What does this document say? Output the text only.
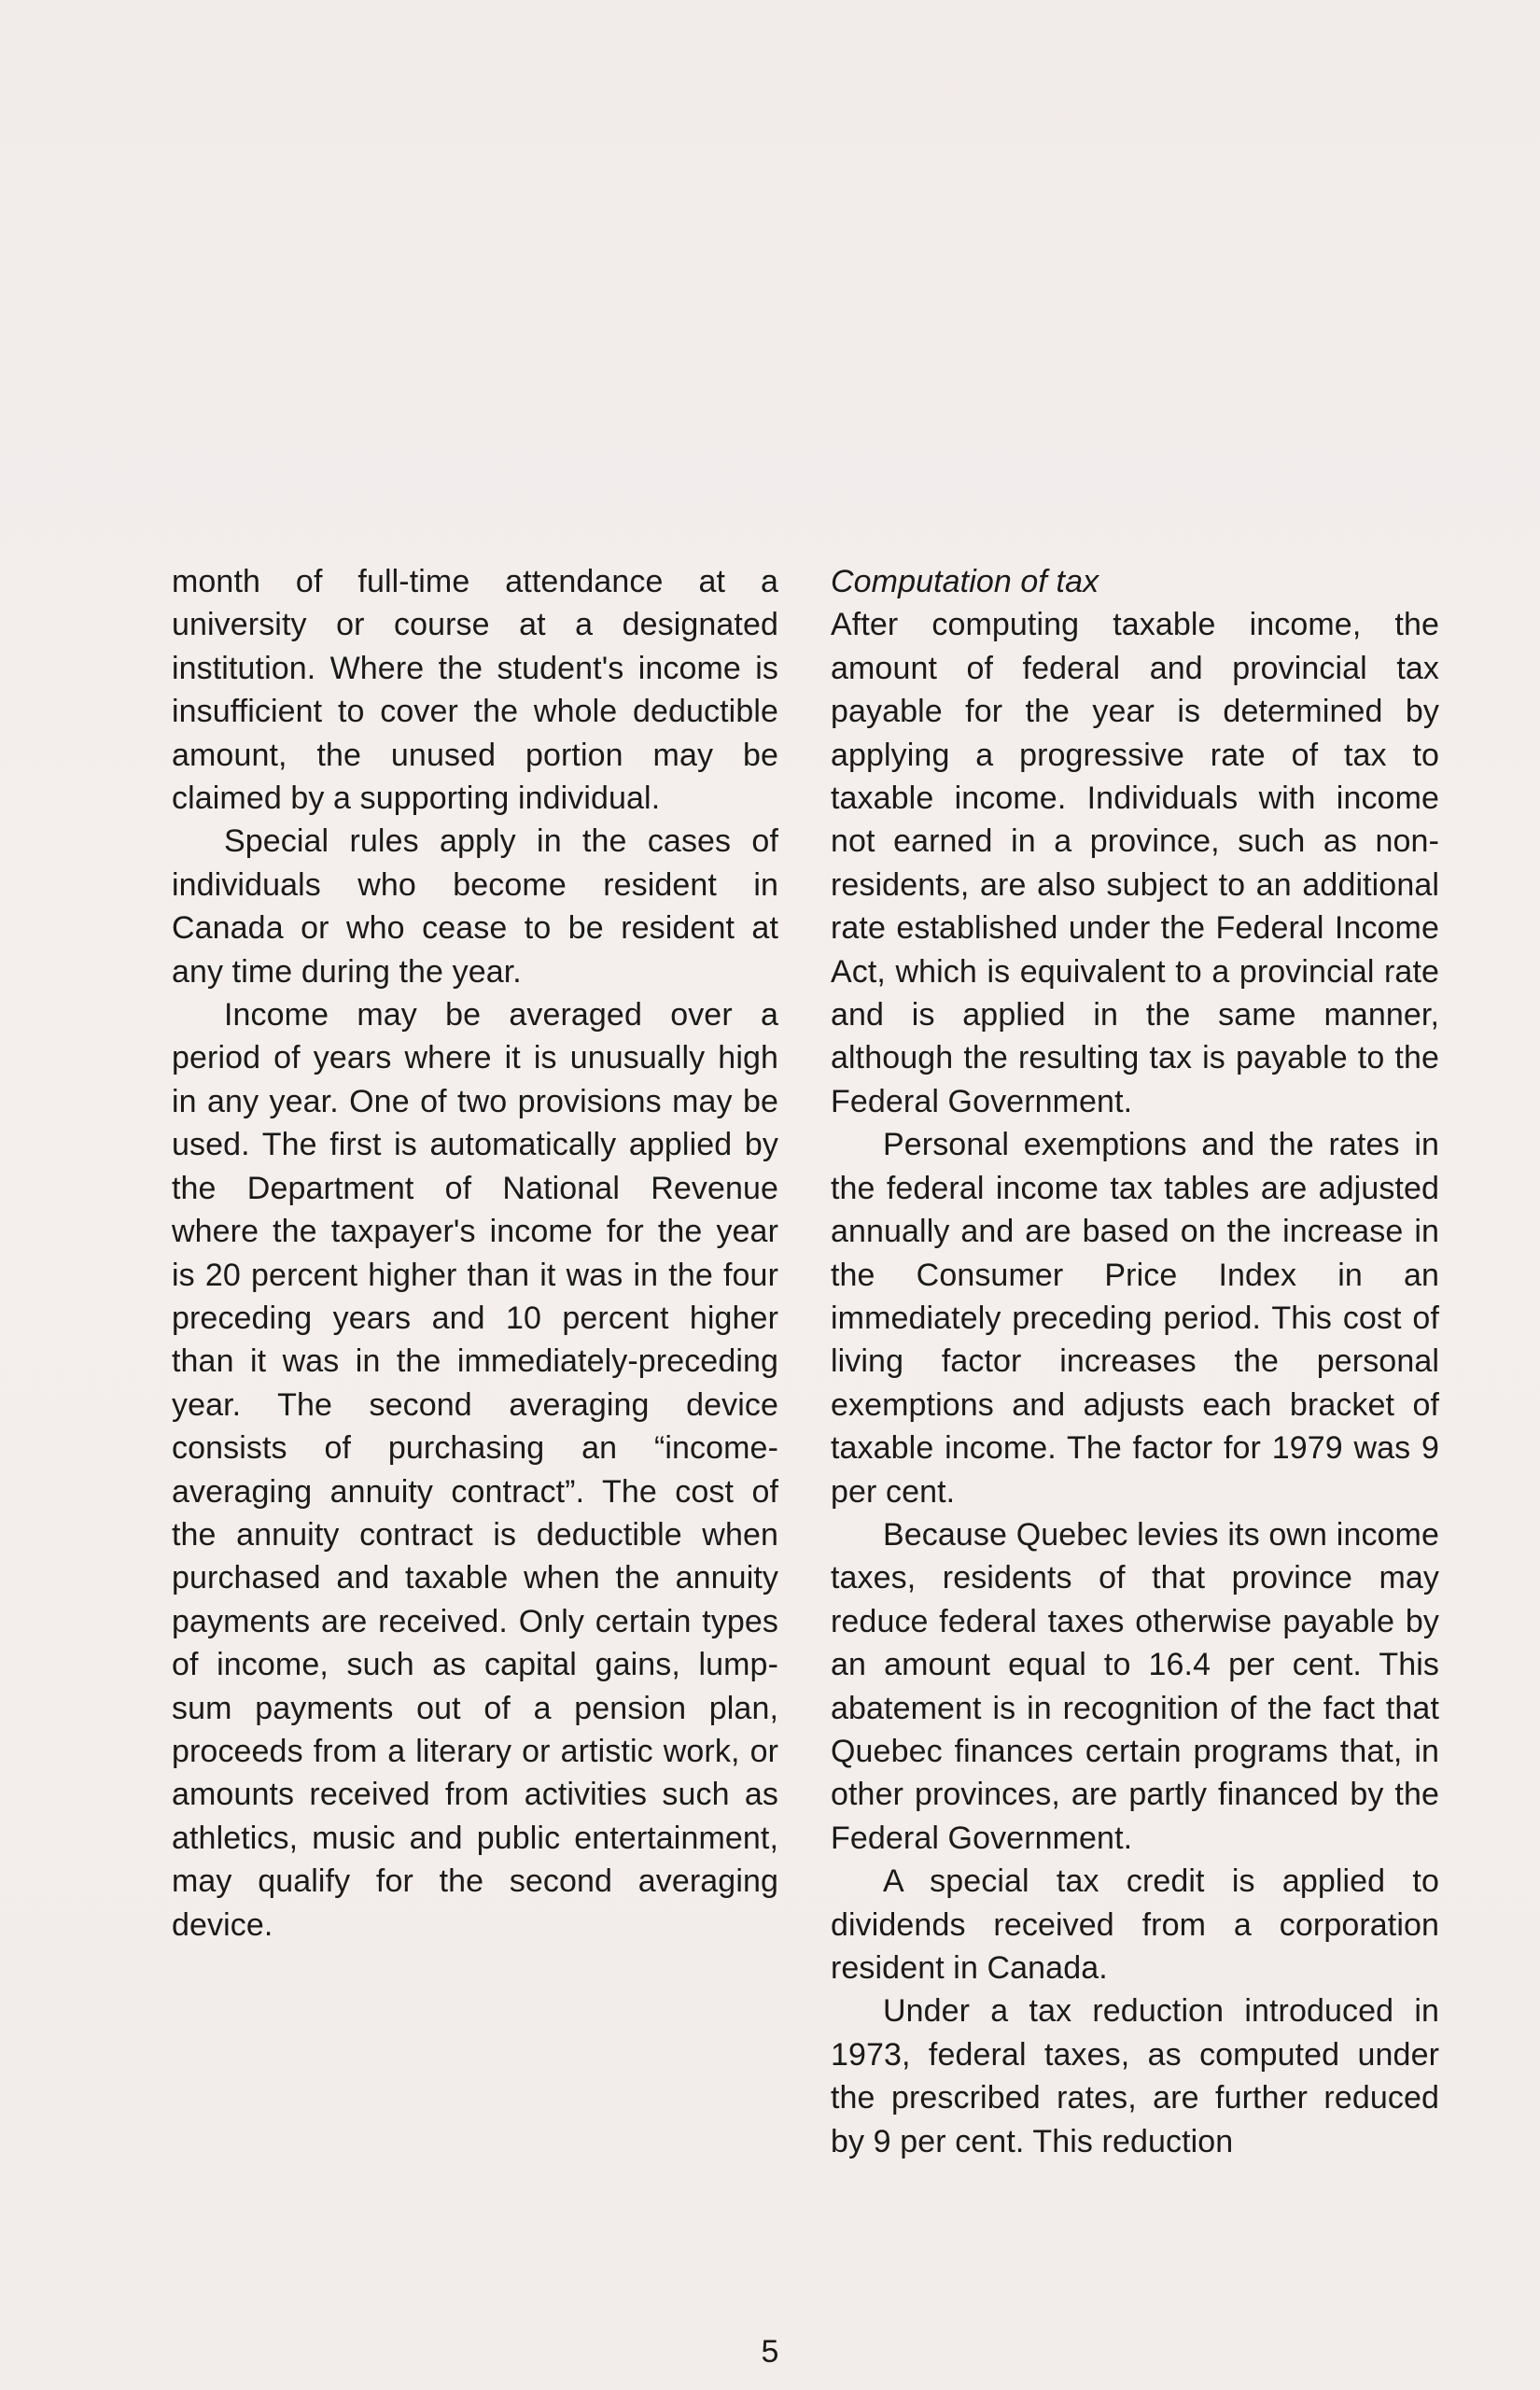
month of full-time attendance at a university or course at a designated institution. Where the student's income is insufficient to cover the whole deductible amount, the unused portion may be claimed by a supporting individual.

Special rules apply in the cases of individuals who become resident in Canada or who cease to be resident at any time during the year.

Income may be averaged over a period of years where it is unusually high in any year. One of two provisions may be used. The first is automatically applied by the Department of National Revenue where the taxpayer's income for the year is 20 percent higher than it was in the four preceding years and 10 percent higher than it was in the immediately-preceding year. The second averaging device consists of purchasing an “income-averaging annuity contract”. The cost of the annuity contract is deductible when purchased and taxable when the annuity payments are received. Only certain types of income, such as capital gains, lump-sum payments out of a pension plan, proceeds from a literary or artistic work, or amounts received from activities such as athletics, music and public entertainment, may qualify for the second averaging device.

Computation of tax

After computing taxable income, the amount of federal and provincial tax payable for the year is determined by applying a progressive rate of tax to taxable income. Individuals with income not earned in a province, such as non-residents, are also subject to an additional rate established under the Federal Income Act, which is equivalent to a provincial rate and is applied in the same manner, although the resulting tax is payable to the Federal Government.

Personal exemptions and the rates in the federal income tax tables are adjusted annually and are based on the increase in the Consumer Price Index in an immediately preceding period. This cost of living factor increases the personal exemptions and adjusts each bracket of taxable income. The factor for 1979 was 9 per cent.

Because Quebec levies its own income taxes, residents of that province may reduce federal taxes otherwise payable by an amount equal to 16.4 per cent. This abatement is in recognition of the fact that Quebec finances certain programs that, in other provinces, are partly financed by the Federal Government.

A special tax credit is applied to dividends received from a corporation resident in Canada.

Under a tax reduction introduced in 1973, federal taxes, as computed under the prescribed rates, are further reduced by 9 per cent. This reduction

5
